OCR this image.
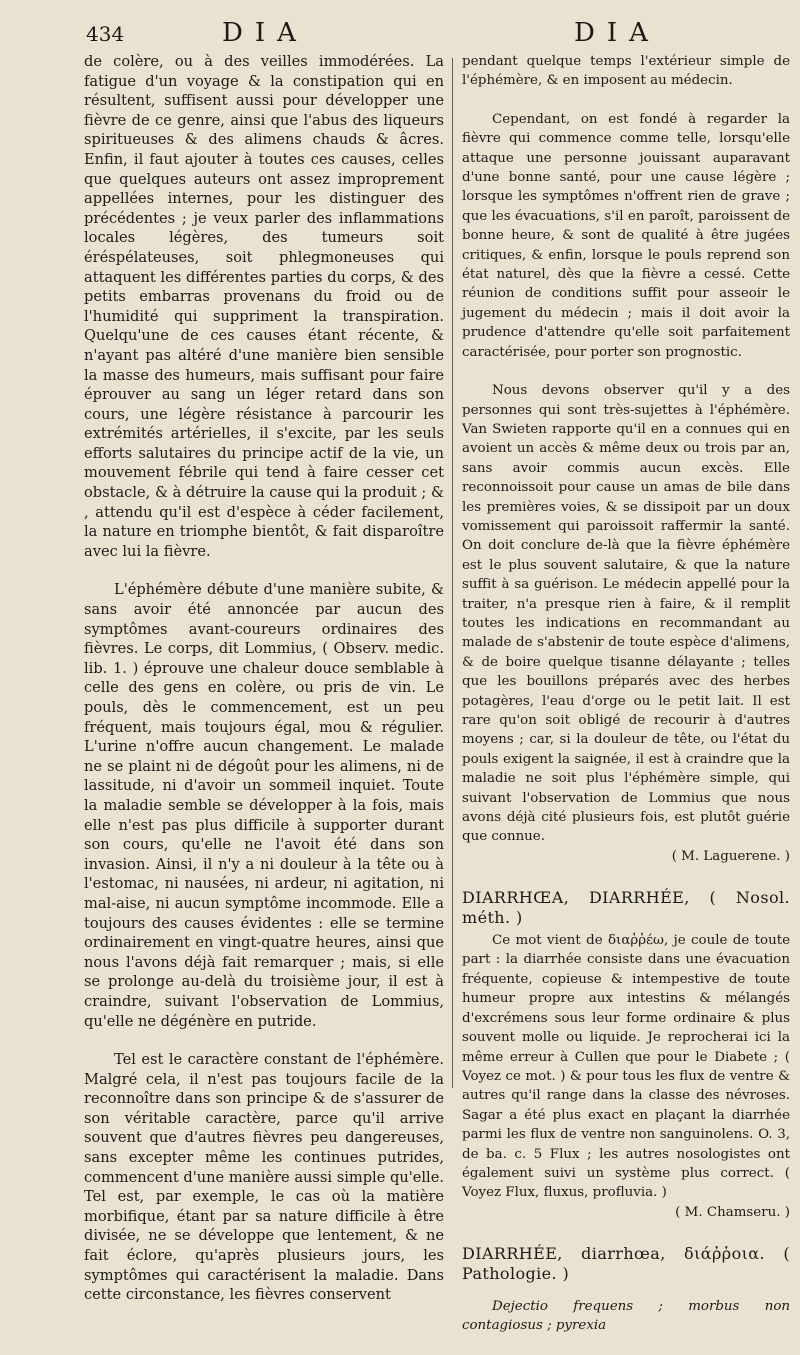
434	DIA	DIA

de colère, ou à des veilles immodérées. La fatigue d'un voyage & la constipation qui en résultent, suffisent aussi pour développer une fièvre de ce genre, ainsi que l'abus des liqueurs spiritueuses & des alimens chauds & âcres. Enfin, il faut ajouter à toutes ces causes, celles que quelques auteurs ont assez improprement appellées internes, pour les distinguer des précédentes ; je veux parler des inflammations locales légères, des tumeurs soit éréspélateuses, soit phlegmoneuses qui attaquent les différentes parties du corps, & des petits embarras provenans du froid ou de l'humidité qui suppriment la transpiration. Quelqu'une de ces causes étant récente, & n'ayant pas altéré d'une manière bien sensible la masse des humeurs, mais suffisant pour faire éprouver au sang un léger retard dans son cours, une légère résistance à parcourir les extrémités artérielles, il s'excite, par les seuls efforts salutaires du principe actif de la vie, un mouvement fébrile qui tend à faire cesser cet obstacle, & à détruire la cause qui la produit ; & , attendu qu'il est d'espèce à céder facilement, la nature en triomphe bientôt, & fait disparoître avec lui la fièvre.

L'éphémère débute d'une manière subite, & sans avoir été annoncée par aucun des symptômes avant-coureurs ordinaires des fièvres. Le corps, dit Lommius, ( Observ. medic. lib. 1. ) éprouve une chaleur douce semblable à celle des gens en colère, ou pris de vin. Le pouls, dès le commencement, est un peu fréquent, mais toujours égal, mou & régulier. L'urine n'offre aucun changement. Le malade ne se plaint ni de dégoût pour les alimens, ni de lassitude, ni d'avoir un sommeil inquiet. Toute la maladie semble se développer à la fois, mais elle n'est pas plus difficile à supporter durant son cours, qu'elle ne l'avoit été dans son invasion. Ainsi, il n'y a ni douleur à la tête ou à l'estomac, ni nausées, ni ardeur, ni agitation, ni mal-aise, ni aucun symptôme incommode. Elle a toujours des causes évidentes : elle se termine ordinairement en vingt-quatre heures, ainsi que nous l'avons déjà fait remarquer ; mais, si elle se prolonge au-delà du troisième jour, il est à craindre, suivant l'observation de Lommius, qu'elle ne dégénère en putride.

Tel est le caractère constant de l'éphémère. Malgré cela, il n'est pas toujours facile de la reconnoître dans son principe & de s'assurer de son véritable caractère, parce qu'il arrive souvent que d'autres fièvres peu dangereuses, sans excepter même les continues putrides, commencent d'une manière aussi simple qu'elle. Tel est, par exemple, le cas où la matière morbifique, étant par sa nature difficile à être divisée, ne se développe que lentement, & ne fait éclore, qu'après plusieurs jours, les symptômes qui caractérisent la maladie. Dans cette circonstance, les fièvres conservent

pendant quelque temps l'extérieur simple de l'éphémère, & en imposent au médecin.

Cependant, on est fondé à regarder la fièvre qui commence comme telle, lorsqu'elle attaque une personne jouissant auparavant d'une bonne santé, pour une cause légère ; lorsque les symptômes n'offrent rien de grave ; que les évacuations, s'il en paroît, paroissent de bonne heure, & sont de qualité à être jugées critiques, & enfin, lorsque le pouls reprend son état naturel, dès que la fièvre a cessé. Cette réunion de conditions suffit pour asseoir le jugement du médecin ; mais il doit avoir la prudence d'attendre qu'elle soit parfaitement caractérisée, pour porter son prognostic.

Nous devons observer qu'il y a des personnes qui sont très-sujettes à l'éphémère. Van Swieten rapporte qu'il en a connues qui en avoient un accès & même deux ou trois par an, sans avoir commis aucun excès. Elle reconnoissoit pour cause un amas de bile dans les premières voies, & se dissipoit par un doux vomissement qui paroissoit raffermir la santé. On doit conclure de-là que la fièvre éphémère est le plus souvent salutaire, & que la nature suffit à sa guérison. Le médecin appellé pour la traiter, n'a presque rien à faire, & il remplit toutes les indications en recommandant au malade de s'abstenir de toute espèce d'alimens, & de boire quelque tisanne délayante ; telles que les bouillons préparés avec des herbes potagères, l'eau d'orge ou le petit lait. Il est rare qu'on soit obligé de recourir à d'autres moyens ; car, si la douleur de tête, ou l'état du pouls exigent la saignée, il est à craindre que la maladie ne soit plus l'éphémère simple, qui suivant l'observation de Lommius que nous avons déjà cité plusieurs fois, est plutôt guérie que connue.

( M. Laguerene. )

DIARRHŒA, DIARRHÉE, ( Nosol. méth. )

Ce mot vient de διαῤῥέω, je coule de toute part : la diarrhée consiste dans une évacuation fréquente, copieuse & intempestive de toute humeur propre aux intestins & mélangés d'excrémens sous leur forme ordinaire & plus souvent molle ou liquide. Je reprocherai ici la même erreur à Cullen que pour le Diabete ; ( Voyez ce mot. ) & pour tous les flux de ventre & autres qu'il range dans la classe des névroses. Sagar a été plus exact en plaçant la diarrhée parmi les flux de ventre non sanguinolens. O. 3, de ba. c. 5 Flux ; les autres nosologistes ont également suivi un système plus correct. ( Voyez Flux, fluxus, profluvia. )

( M. Chamseru. )

DIARRHÉE, diarrhœa, διάῤῥοια. ( Pathologie. )

Dejectio frequens ; morbus non contagiosus ; pyrexia
